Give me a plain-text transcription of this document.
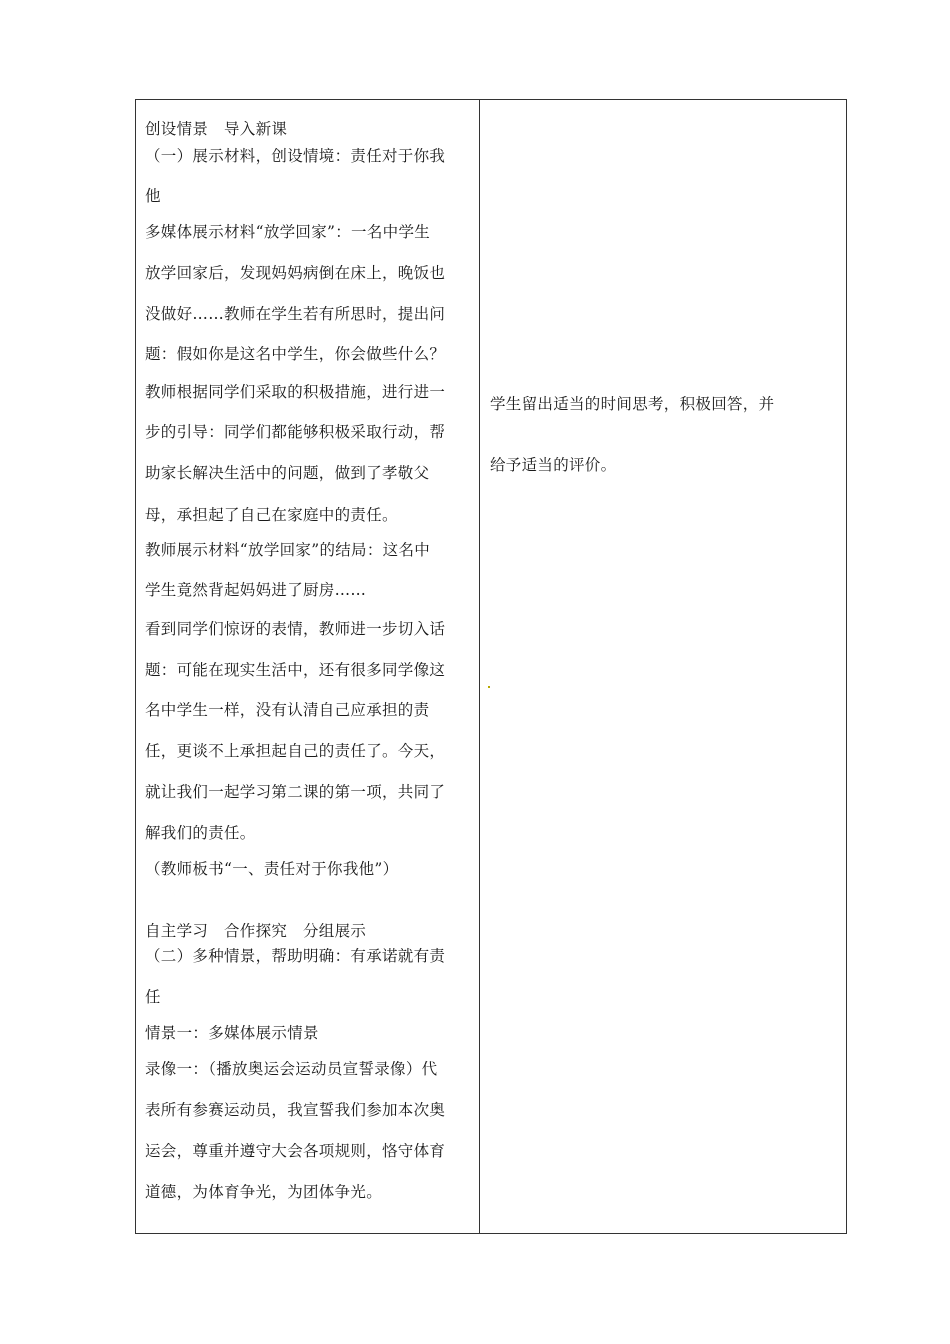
创设情景　导入新课
（一）展示材料，创设情境：责任对于你我
他
多媒体展示材料“放学回家”：一名中学生
放学回家后，发现妈妈病倒在床上，晚饭也
没做好……教师在学生若有所思时，提出问
题：假如你是这名中学生，你会做些什么？
教师根据同学们采取的积极措施，进行进一
步的引导：同学们都能够积极采取行动，帮
助家长解决生活中的问题，做到了孝敬父
母，承担起了自己在家庭中的责任。
教师展示材料“放学回家”的结局：这名中
学生竟然背起妈妈进了厨房……
看到同学们惊讶的表情，教师进一步切入话
题：可能在现实生活中，还有很多同学像这
名中学生一样，没有认清自己应承担的责
任，更谈不上承担起自己的责任了。今天，
就让我们一起学习第二课的第一项，共同了
解我们的责任。
（教师板书“一、责任对于你我他”）
自主学习　合作探究　分组展示
（二）多种情景，帮助明确：有承诺就有责
任
情景一：多媒体展示情景
录像一：（播放奥运会运动员宣誓录像）代
表所有参赛运动员，我宣誓我们参加本次奥
运会，尊重并遵守大会各项规则，恪守体育
道德，为体育争光，为团体争光。
学生留出适当的时间思考，积极回答，并
给予适当的评价。
